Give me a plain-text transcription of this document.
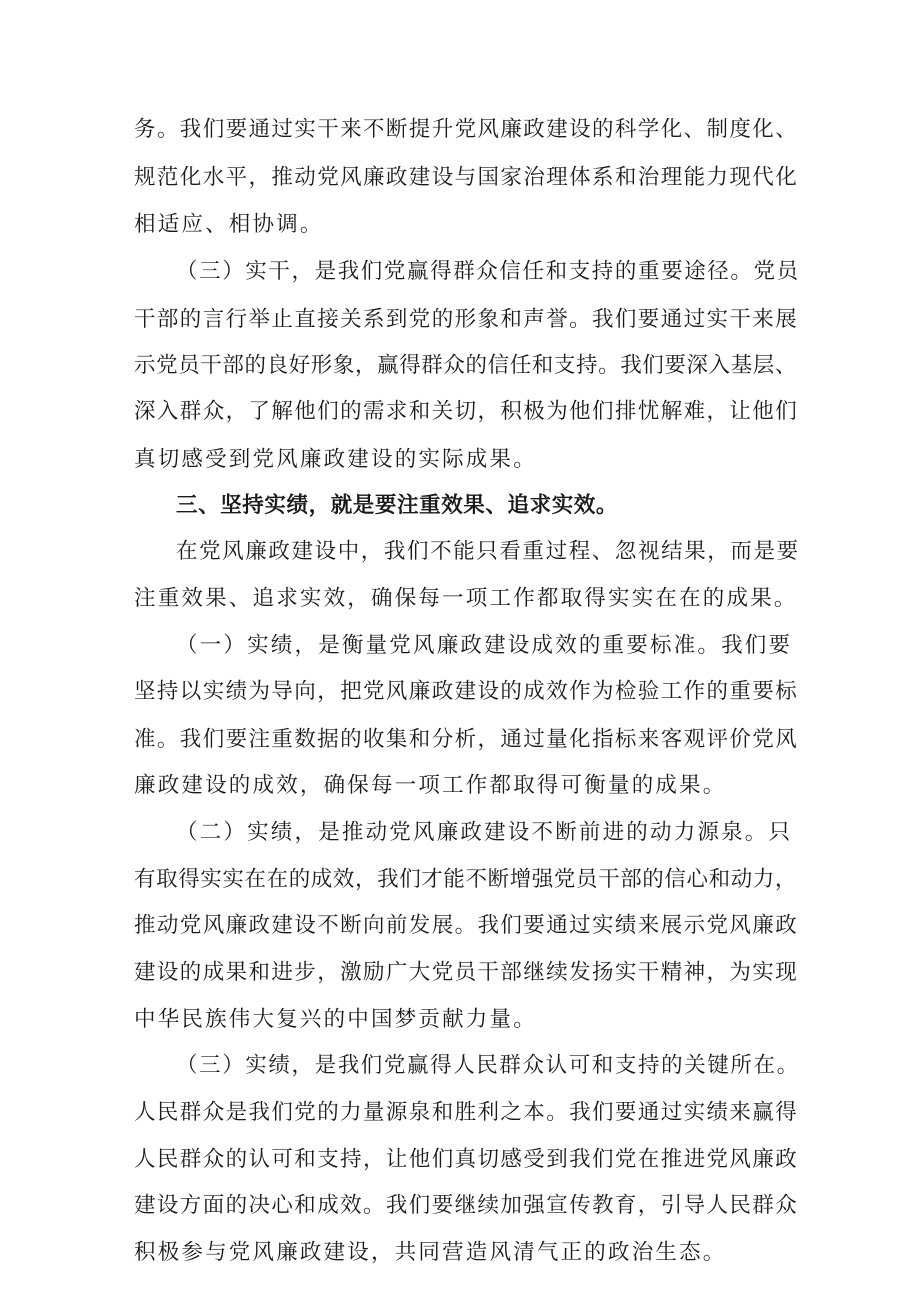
务。我们要通过实干来不断提升党风廉政建设的科学化、制度化、
规范化水平，推动党风廉政建设与国家治理体系和治理能力现代化
相适应、相协调。
（三）实干，是我们党赢得群众信任和支持的重要途径。党员
干部的言行举止直接关系到党的形象和声誉。我们要通过实干来展
示党员干部的良好形象，赢得群众的信任和支持。我们要深入基层、
深入群众，了解他们的需求和关切，积极为他们排忧解难，让他们
真切感受到党风廉政建设的实际成果。
三、坚持实绩，就是要注重效果、追求实效。
在党风廉政建设中，我们不能只看重过程、忽视结果，而是要
注重效果、追求实效，确保每一项工作都取得实实在在的成果。
（一）实绩，是衡量党风廉政建设成效的重要标准。我们要
坚持以实绩为导向，把党风廉政建设的成效作为检验工作的重要标
准。我们要注重数据的收集和分析，通过量化指标来客观评价党风
廉政建设的成效，确保每一项工作都取得可衡量的成果。
（二）实绩，是推动党风廉政建设不断前进的动力源泉。只
有取得实实在在的成效，我们才能不断增强党员干部的信心和动力，
推动党风廉政建设不断向前发展。我们要通过实绩来展示党风廉政
建设的成果和进步，激励广大党员干部继续发扬实干精神，为实现
中华民族伟大复兴的中国梦贡献力量。
（三）实绩，是我们党赢得人民群众认可和支持的关键所在。
人民群众是我们党的力量源泉和胜利之本。我们要通过实绩来赢得
人民群众的认可和支持，让他们真切感受到我们党在推进党风廉政
建设方面的决心和成效。我们要继续加强宣传教育，引导人民群众
积极参与党风廉政建设，共同营造风清气正的政治生态。
